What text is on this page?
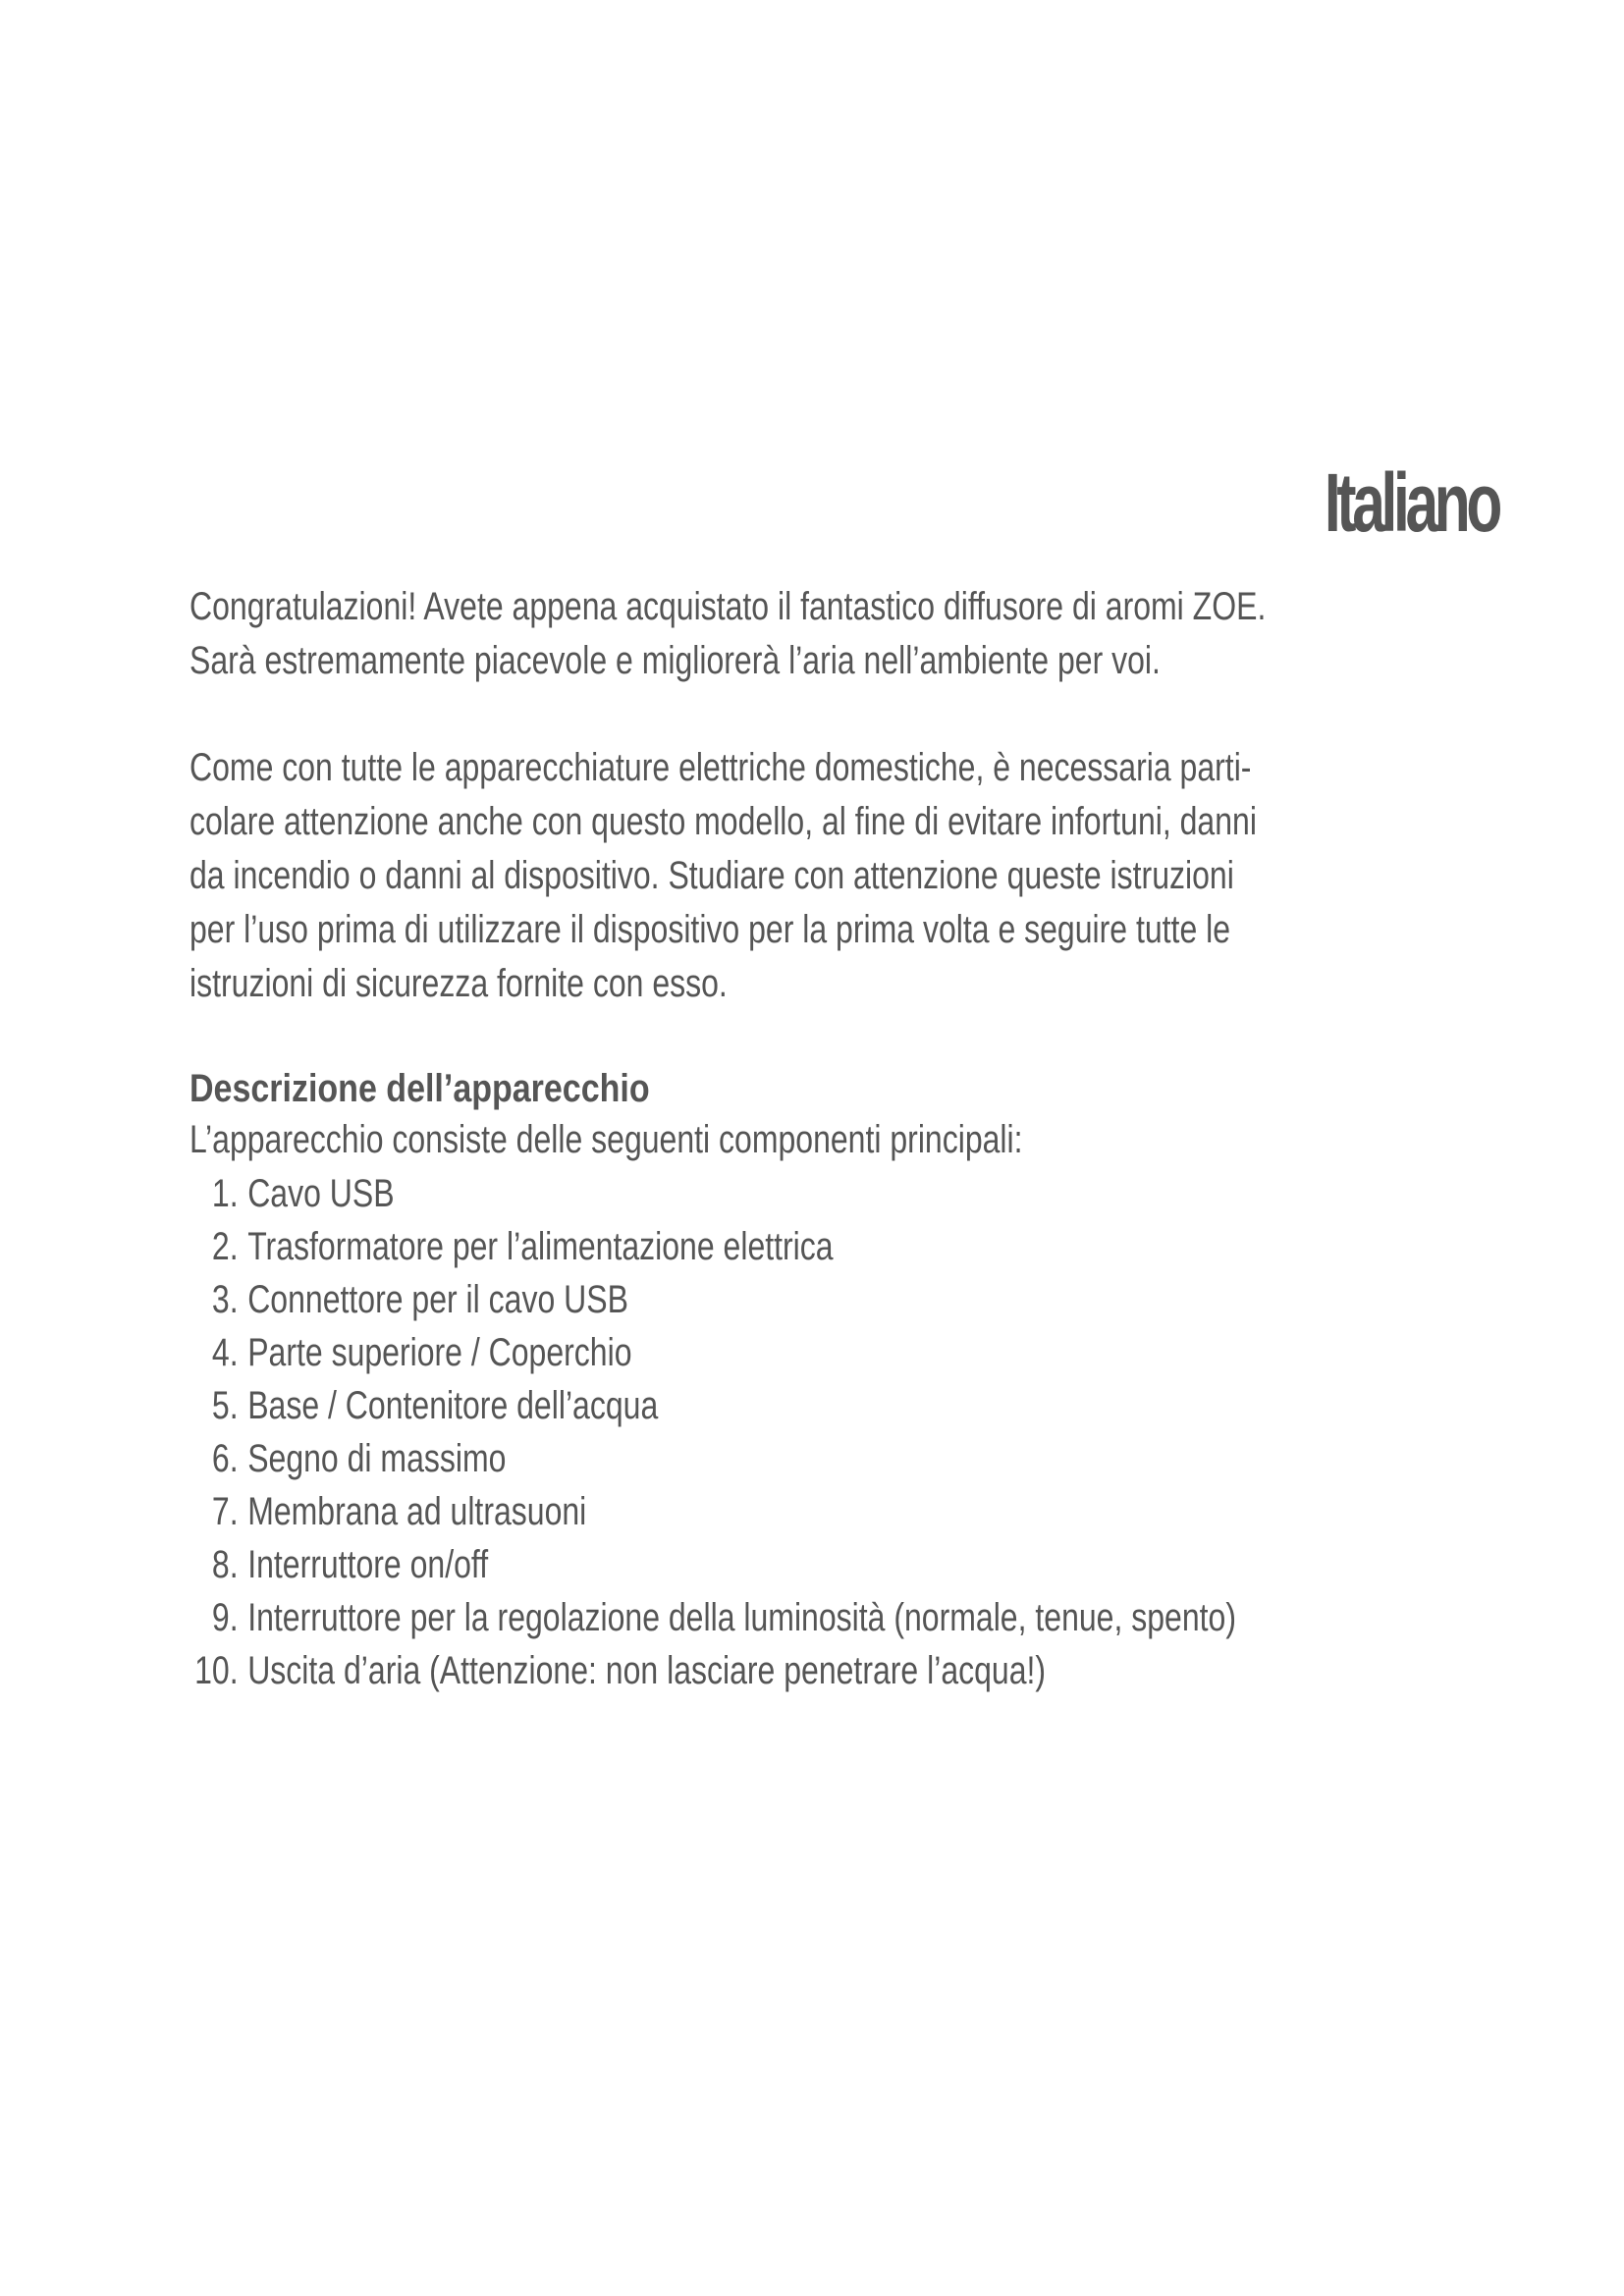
Italiano
Congratulazioni! Avete appena acquistato il fantastico diffusore di aromi ZOE.
Sarà estremamente piacevole e migliorerà l’aria nell’ambiente per voi.
Come con tutte le apparecchiature elettriche domestiche, è necessaria parti-
colare attenzione anche con questo modello, al fine di evitare infortuni, danni
da incendio o danni al dispositivo. Studiare con attenzione queste istruzioni
per l’uso prima di utilizzare il dispositivo per la prima volta e seguire tutte le
istruzioni di sicurezza fornite con esso.
Descrizione dell’apparecchio
L’apparecchio consiste delle seguenti componenti principali:
1. Cavo USB
2. Trasformatore per l’alimentazione elettrica
3. Connettore per il cavo USB
4. Parte superiore / Coperchio
5. Base / Contenitore dell’acqua
6. Segno di massimo
7. Membrana ad ultrasuoni
8. Interruttore on/off
9. Interruttore per la regolazione della luminosità (normale, tenue, spento)
10. Uscita d’aria (Attenzione: non lasciare penetrare l’acqua!)
